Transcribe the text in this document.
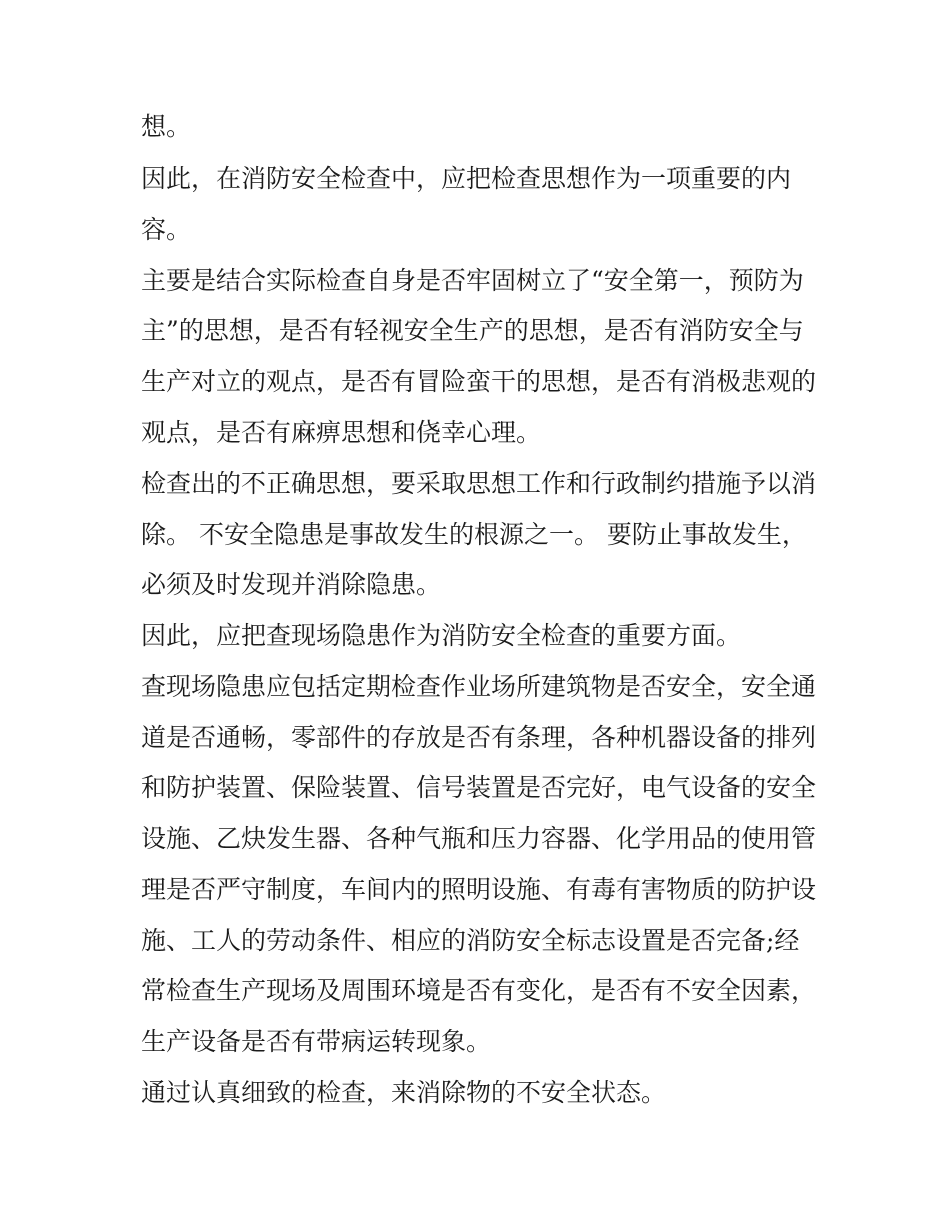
想。
因此，在消防安全检查中，应把检查思想作为一项重要的内
容。
主要是结合实际检查自身是否牢固树立了“安全第一，预防为
主”的思想，是否有轻视安全生产的思想，是否有消防安全与
生产对立的观点，是否有冒险蛮干的思想，是否有消极悲观的
观点，是否有麻痹思想和侥幸心理。
检查出的不正确思想，要采取思想工作和行政制约措施予以消
除。 不安全隐患是事故发生的根源之一。 要防止事故发生，
必须及时发现并消除隐患。
因此，应把查现场隐患作为消防安全检查的重要方面。
查现场隐患应包括定期检查作业场所建筑物是否安全，安全通
道是否通畅，零部件的存放是否有条理，各种机器设备的排列
和防护装置、保险装置、信号装置是否完好，电气设备的安全
设施、乙炔发生器、各种气瓶和压力容器、化学用品的使用管
理是否严守制度，车间内的照明设施、有毒有害物质的防护设
施、工人的劳动条件、相应的消防安全标志设置是否完备;经
常检查生产现场及周围环境是否有变化，是否有不安全因素，
生产设备是否有带病运转现象。
通过认真细致的检查，来消除物的不安全状态。
